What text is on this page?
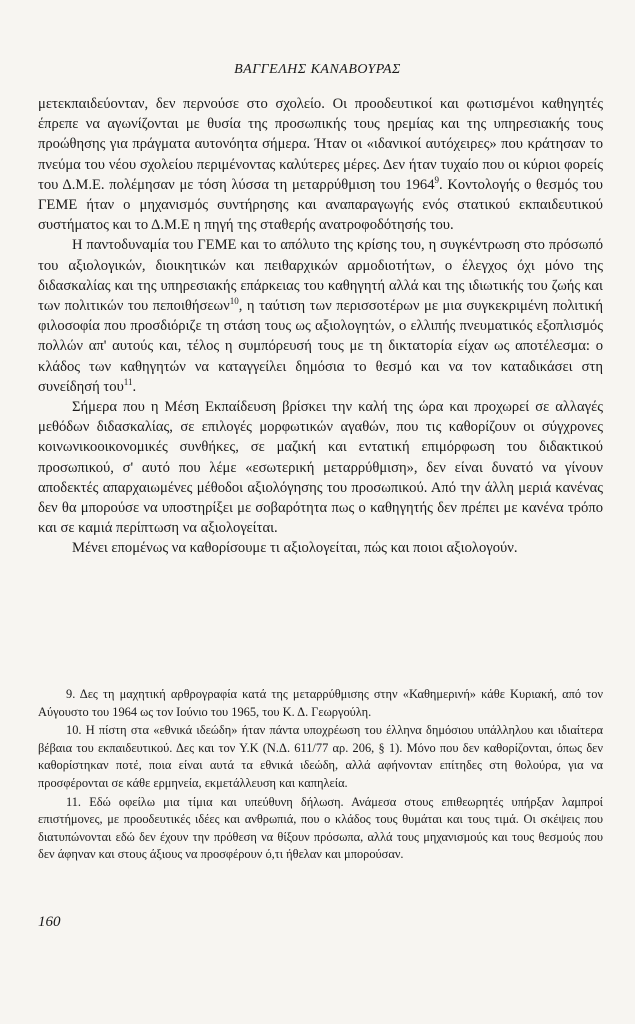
ΒΑΓΓΕΛΗΣ ΚΑΝΑΒΟΥΡΑΣ

μετεκπαιδεύονταν, δεν περνούσε στο σχολείο. Οι προοδευτικοί και φωτισμένοι καθηγητές έπρεπε να αγωνίζονται με θυσία της προσωπικής τους ηρεμίας και της υπηρεσιακής τους προώθησης για πράγματα αυτονόητα σήμερα. Ήταν οι «ιδανικοί αυτόχειρες» που κράτησαν το πνεύμα του νέου σχολείου περιμένοντας καλύτερες μέρες. Δεν ήταν τυχαίο που οι κύριοι φορείς του Δ.Μ.Ε. πολέμησαν με τόση λύσσα τη μεταρρύθμιση του 1964$^9$. Κοντολογής ο θεσμός του ΓΕΜΕ ήταν ο μηχανισμός συντήρησης και αναπαραγωγής ενός στατικού εκπαιδευτικού συστήματος και το Δ.Μ.Ε η πηγή της σταθερής ανατροφοδότησής του.

Η παντοδυναμία του ΓΕΜΕ και το απόλυτο της κρίσης του, η συγκέντρωση στο πρόσωπό του αξιολογικών, διοικητικών και πειθαρχικών αρμοδιοτήτων, ο έλεγχος όχι μόνο της διδασκαλίας και της υπηρεσιακής επάρκειας του καθηγητή αλλά και της ιδιωτικής του ζωής και των πολιτικών του πεποιθήσεων$^{10}$, η ταύτιση των περισσοτέρων με μια συγκεκριμένη πολιτική φιλοσοφία που προσδιόριζε τη στάση τους ως αξιολογητών, ο ελλιπής πνευματικός εξοπλισμός πολλών απ' αυτούς και, τέλος η συμπόρευσή τους με τη δικτατορία είχαν ως αποτέλεσμα: ο κλάδος των καθηγητών να καταγγείλει δημόσια το θεσμό και να τον καταδικάσει στη συνείδησή του$^{11}$.

Σήμερα που η Μέση Εκπαίδευση βρίσκει την καλή της ώρα και προχωρεί σε αλλαγές μεθόδων διδασκαλίας, σε επιλογές μορφωτικών αγαθών, που τις καθορίζουν οι σύγχρονες κοινωνικοοικονομικές συνθήκες, σε μαζική και εντατική επιμόρφωση του διδακτικού προσωπικού, σ' αυτό που λέμε «εσωτερική μεταρρύθμιση», δεν είναι δυνατό να γίνουν αποδεκτές απαρχαιωμένες μέθοδοι αξιολόγησης του προσωπικού. Από την άλλη μεριά κανένας δεν θα μπορούσε να υποστηρίξει με σοβαρότητα πως ο καθηγητής δεν πρέπει με κανένα τρόπο και σε καμιά περίπτωση να αξιολογείται.

Μένει επομένως να καθορίσουμε τι αξιολογείται, πώς και ποιοι αξιολογούν.

9. Δες τη μαχητική αρθρογραφία κατά της μεταρρύθμισης στην «Καθημερινή» κάθε Κυριακή, από τον Αύγουστο του 1964 ως τον Ιούνιο του 1965, του Κ. Δ. Γεωργούλη.

10. Η πίστη στα «εθνικά ιδεώδη» ήταν πάντα υποχρέωση του έλληνα δημόσιου υπάλληλου και ιδιαίτερα βέβαια του εκπαιδευτικού. Δες και τον Υ.Κ (Ν.Δ. 611/77 αρ. 206, § 1). Μόνο που δεν καθορίζονται, όπως δεν καθορίστηκαν ποτέ, ποια είναι αυτά τα εθνικά ιδεώδη, αλλά αφήνονταν επίτηδες στη θολούρα, για να προσφέρονται σε κάθε ερμηνεία, εκμετάλλευση και καπηλεία.

11. Εδώ οφείλω μια τίμια και υπεύθυνη δήλωση. Ανάμεσα στους επιθεωρητές υπήρξαν λαμπροί επιστήμονες, με προοδευτικές ιδέες και ανθρωπιά, που ο κλάδος τους θυμάται και τους τιμά. Οι σκέψεις που διατυπώνονται εδώ δεν έχουν την πρόθεση να θίξουν πρόσωπα, αλλά τους μηχανισμούς και τους θεσμούς που δεν άφηναν και στους άξιους να προσφέρουν ό,τι ήθελαν και μπορούσαν.

160
